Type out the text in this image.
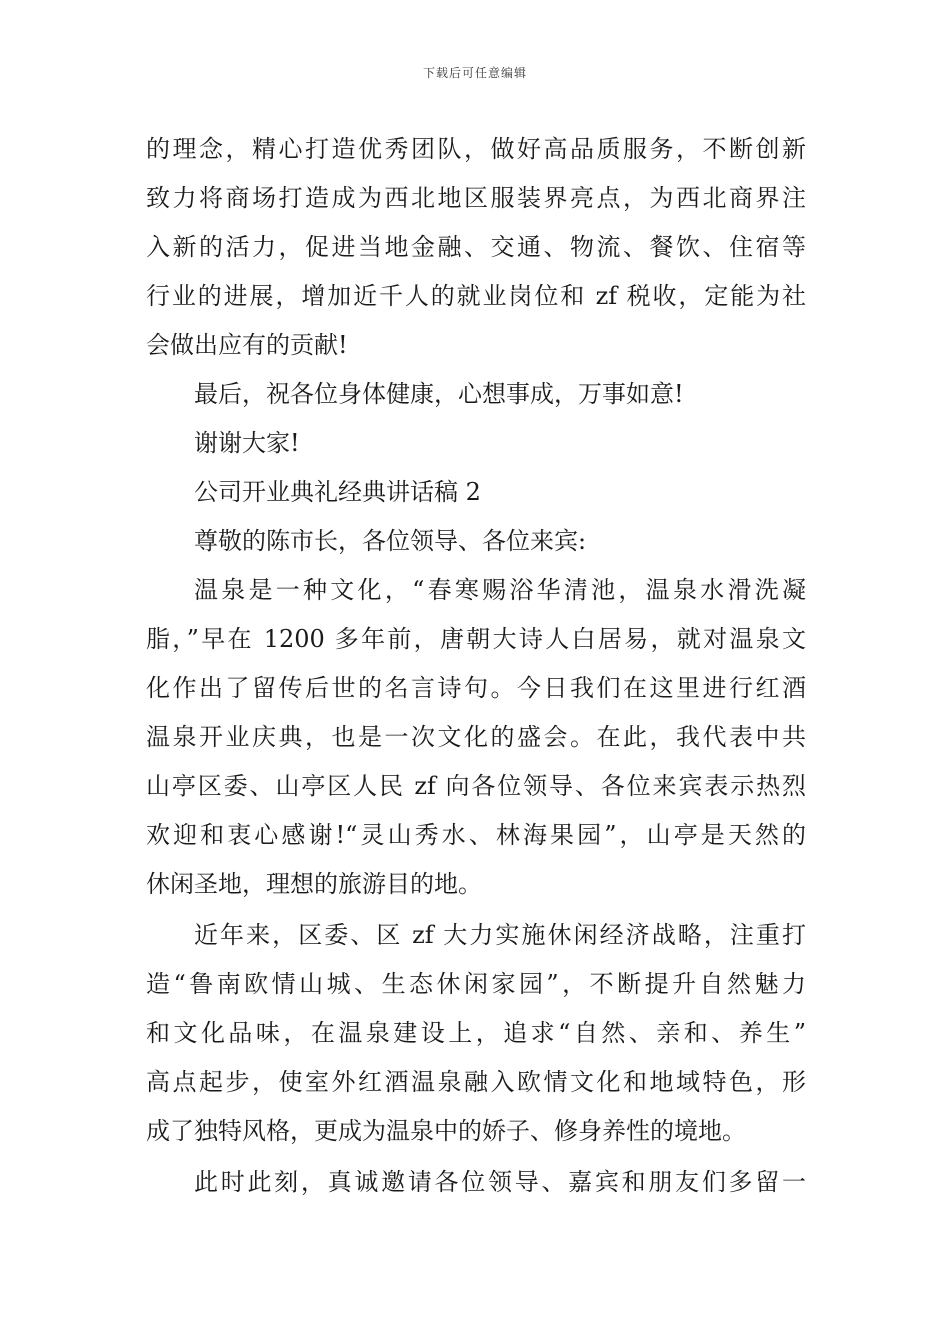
下载后可任意编辑
的理念，精心打造优秀团队，做好高品质服务，不断创新
致力将商场打造成为西北地区服装界亮点，为西北商界注
入新的活力，促进当地金融、交通、物流、餐饮、住宿等
行业的进展，增加近千人的就业岗位和 zf 税收，定能为社
会做出应有的贡献!
最后，祝各位身体健康，心想事成，万事如意!
谢谢大家!
公司开业典礼经典讲话稿 2
尊敬的陈市长，各位领导、各位来宾:
温泉是一种文化，“春寒赐浴华清池，温泉水滑洗凝
脂，”早在 1200 多年前，唐朝大诗人白居易，就对温泉文
化作出了留传后世的名言诗句。今日我们在这里进行红酒
温泉开业庆典，也是一次文化的盛会。在此，我代表中共
山亭区委、山亭区人民 zf 向各位领导、各位来宾表示热烈
欢迎和衷心感谢!“灵山秀水、林海果园”，山亭是天然的
休闲圣地，理想的旅游目的地。
近年来，区委、区 zf 大力实施休闲经济战略，注重打
造“鲁南欧情山城、生态休闲家园”，不断提升自然魅力
和文化品味，在温泉建设上，追求“自然、亲和、养生”
高点起步，使室外红酒温泉融入欧情文化和地域特色，形
成了独特风格，更成为温泉中的娇子、修身养性的境地。
此时此刻，真诚邀请各位领导、嘉宾和朋友们多留一
